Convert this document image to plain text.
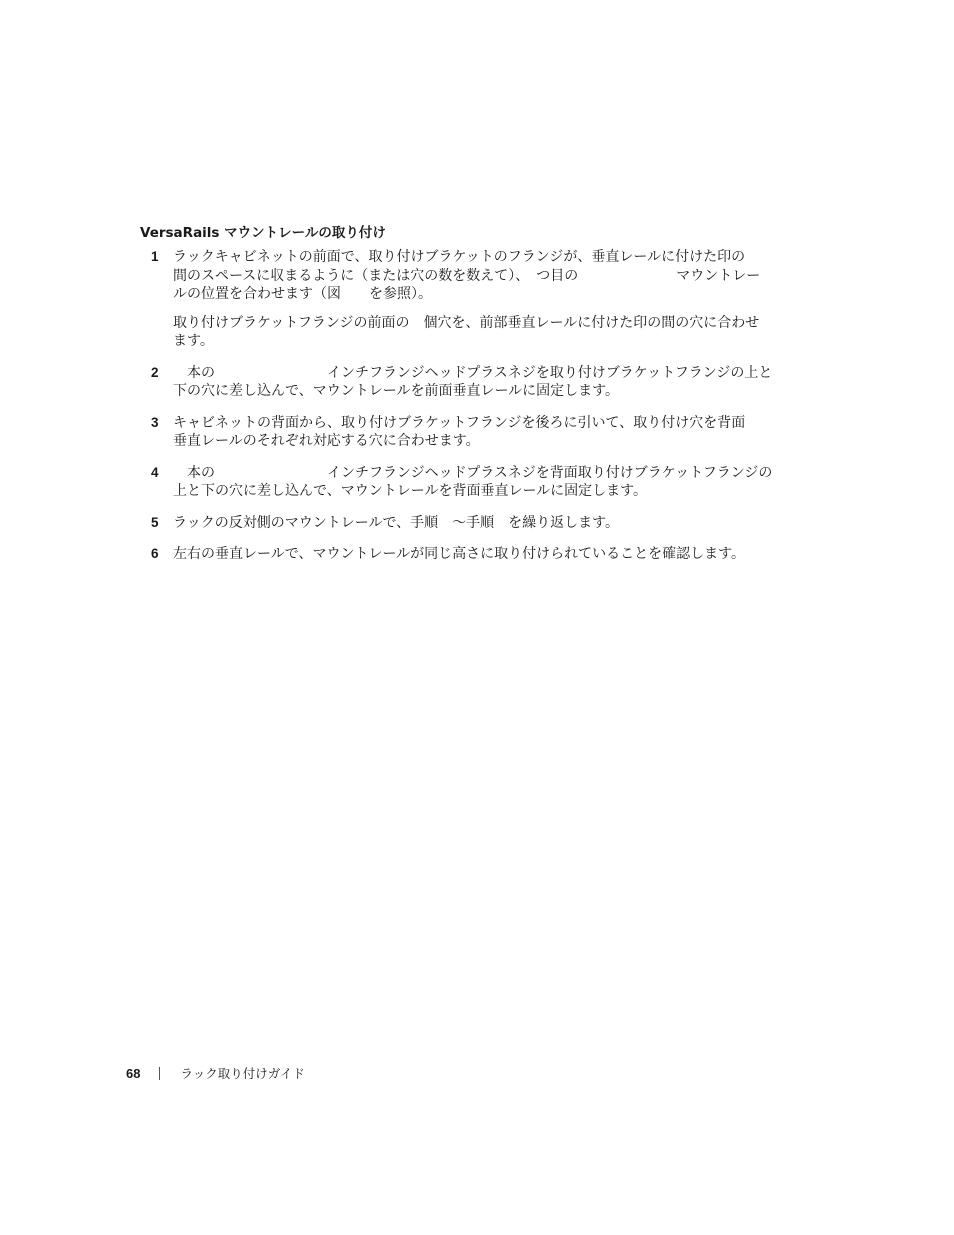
VersaRails マウントレールの取り付け
1 ラックキャビネットの前面で、取り付けブラケットのフランジが、垂直レールに付けた印の
間のスペースに収まるように（または穴の数を数えて）、　つ目の　　　　　　　マウントレー
ルの位置を合わせます（図　　を参照）。

取り付けブラケットフランジの前面の　個穴を、前部垂直レールに付けた印の間の穴に合わせ
ます。

2	　本の　　　　　　　　インチフランジヘッドプラスネジを取り付けブラケットフランジの上と
下の穴に差し込んで、マウントレールを前面垂直レールに固定します。

3 キャビネットの背面から、取り付けブラケットフランジを後ろに引いて、取り付け穴を背面
垂直レールのそれぞれ対応する穴に合わせます。

4	　本の　　　　　　　　インチフランジヘッドプラスネジを背面取り付けブラケットフランジの
上と下の穴に差し込んで、マウントレールを背面垂直レールに固定します。

5 ラックの反対側のマウントレールで、手順　～手順　を繰り返します。

6 左右の垂直レールで、マウントレールが同じ高さに取り付けられていることを確認します。

68	ラック取り付けガイド
